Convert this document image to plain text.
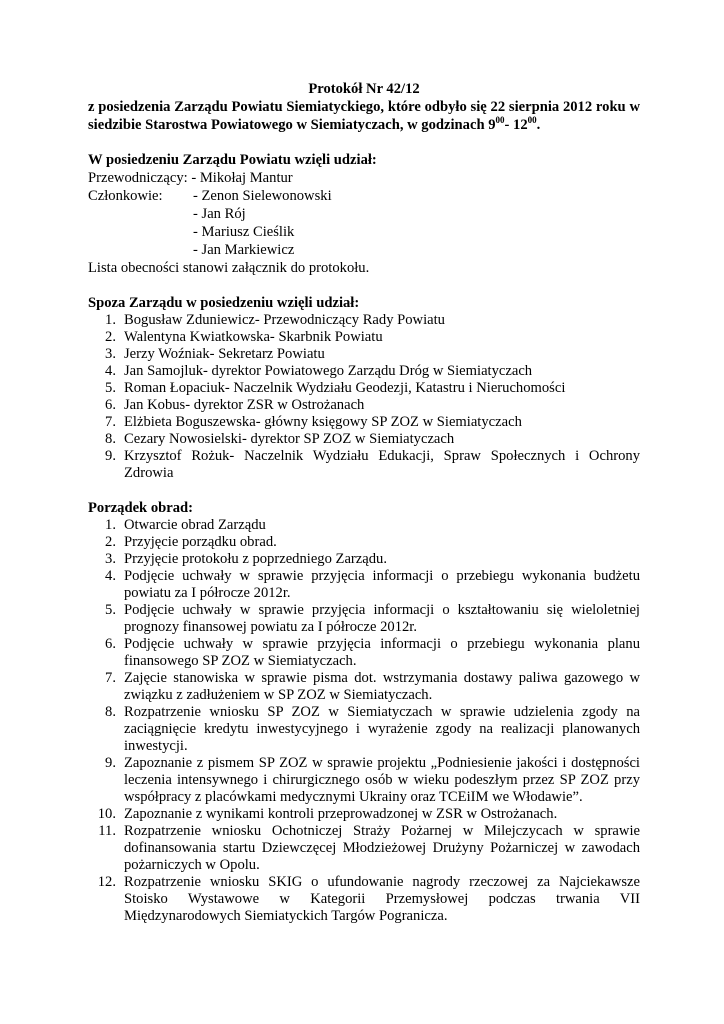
Protokół Nr 42/12

z posiedzenia Zarządu Powiatu Siemiatyckiego, które odbyło się 22 sierpnia 2012 roku w siedzibie Starostwa Powiatowego w Siemiatyczach, w godzinach $9^{00}-$ $12^{00}$.

W posiedzeniu Zarządu Powiatu wzięli udział:

Przewodniczący: - Mikołaj Mantur

Członkowie:	- Zenon Sielewonowski
- Jan Rój
- Mariusz Cieślik
- Jan Markiewicz

Lista obecności stanowi załącznik do protokołu.

Spoza Zarządu w posiedzeniu wzięli udział:

1. Bogusław Zduniewicz- Przewodniczący Rady Powiatu
2. Walentyna Kwiatkowska- Skarbnik Powiatu
3. Jerzy Woźniak- Sekretarz Powiatu
4. Jan Samojluk- dyrektor Powiatowego Zarządu Dróg w Siemiatyczach
5. Roman Łopaciuk- Naczelnik Wydziału Geodezji, Katastru i Nieruchomości
6. Jan Kobus- dyrektor ZSR w Ostrożanach
7. Elżbieta Boguszewska- główny księgowy SP ZOZ w Siemiatyczach
8. Cezary Nowosielski- dyrektor SP ZOZ w Siemiatyczach
9. Krzysztof Rożuk- Naczelnik Wydziału Edukacji, Spraw Społecznych i Ochrony Zdrowia

Porządek obrad:

1. Otwarcie obrad Zarządu
2. Przyjęcie porządku obrad.
3. Przyjęcie protokołu z poprzedniego Zarządu.
4. Podjęcie uchwały w sprawie przyjęcia informacji o przebiegu wykonania budżetu powiatu za I półrocze 2012r.
5. Podjęcie uchwały w sprawie przyjęcia informacji o kształtowaniu się wieloletniej prognozy finansowej powiatu za I półrocze 2012r.
6. Podjęcie uchwały w sprawie przyjęcia informacji o przebiegu wykonania planu finansowego SP ZOZ w Siemiatyczach.
7. Zajęcie stanowiska w sprawie pisma dot. wstrzymania dostawy paliwa gazowego w związku z zadłużeniem w SP ZOZ w Siemiatyczach.
8. Rozpatrzenie wniosku SP ZOZ w Siemiatyczach w sprawie udzielenia zgody na zaciągnięcie kredytu inwestycyjnego i wyrażenie zgody na realizacji planowanych inwestycji.
9. Zapoznanie z pismem SP ZOZ w sprawie projektu „Podniesienie jakości i dostępności leczenia intensywnego i chirurgicznego osób w wieku podeszłym przez SP ZOZ przy współpracy z placówkami medycznymi Ukrainy oraz TCEiIM we Włodawie”.
10. Zapoznanie z wynikami kontroli przeprowadzonej w ZSR w Ostrożanach.
11. Rozpatrzenie wniosku Ochotniczej Straży Pożarnej w Milejczycach w sprawie dofinansowania startu Dziewczęcej Młodzieżowej Drużyny Pożarniczej w zawodach pożarniczych w Opolu.
12. Rozpatrzenie wniosku SKIG o ufundowanie nagrody rzeczowej za Najciekawsze Stoisko Wystawowe w Kategorii Przemysłowej podczas trwania VII Międzynarodowych Siemiatyckich Targów Pogranicza.
